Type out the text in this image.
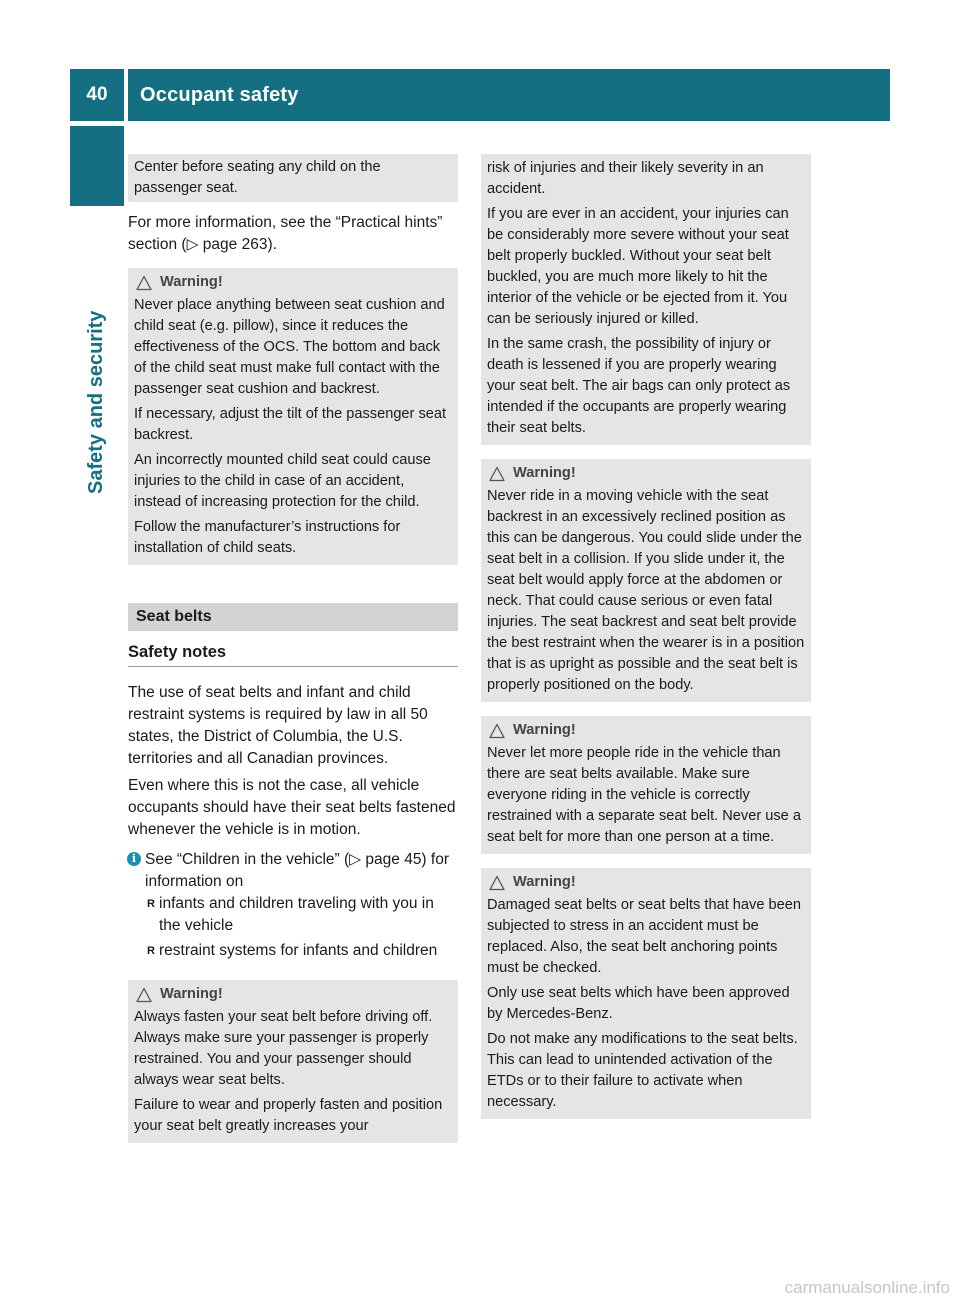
40	Occupant safety
Safety and security

Center before seating any child on the passenger seat.

For more information, see the “Practical hints” section (▷ page 263).

Warning!

Never place anything between seat cushion and child seat (e.g. pillow), since it reduces the effectiveness of the OCS. The bottom and back of the child seat must make full contact with the passenger seat cushion and backrest.

If necessary, adjust the tilt of the passenger seat backrest.

An incorrectly mounted child seat could cause injuries to the child in case of an accident, instead of increasing protection for the child.

Follow the manufacturer’s instructions for installation of child seats.

Seat belts
Safety notes

The use of seat belts and infant and child restraint systems is required by law in all 50 states, the District of Columbia, the U.S. territories and all Canadian provinces.

Even where this is not the case, all vehicle occupants should have their seat belts fastened whenever the vehicle is in motion.

i See “Children in the vehicle” (▷ page 45) for information on

R infants and children traveling with you in the vehicle

R restraint systems for infants and children

Warning!

Always fasten your seat belt before driving off. Always make sure your passenger is properly restrained. You and your passenger should always wear seat belts.

Failure to wear and properly fasten and position your seat belt greatly increases your

risk of injuries and their likely severity in an accident.

If you are ever in an accident, your injuries can be considerably more severe without your seat belt properly buckled. Without your seat belt buckled, you are much more likely to hit the interior of the vehicle or be ejected from it. You can be seriously injured or killed.

In the same crash, the possibility of injury or death is lessened if you are properly wearing your seat belt. The air bags can only protect as intended if the occupants are properly wearing their seat belts.

Warning!

Never ride in a moving vehicle with the seat backrest in an excessively reclined position as this can be dangerous. You could slide under the seat belt in a collision. If you slide under it, the seat belt would apply force at the abdomen or neck. That could cause serious or even fatal injuries. The seat backrest and seat belt provide the best restraint when the wearer is in a position that is as upright as possible and the seat belt is properly positioned on the body.

Warning!

Never let more people ride in the vehicle than there are seat belts available. Make sure everyone riding in the vehicle is correctly restrained with a separate seat belt. Never use a seat belt for more than one person at a time.

Warning!

Damaged seat belts or seat belts that have been subjected to stress in an accident must be replaced. Also, the seat belt anchoring points must be checked.

Only use seat belts which have been approved by Mercedes-Benz.

Do not make any modifications to the seat belts. This can lead to unintended activation of the ETDs or to their failure to activate when necessary.

carmanualsonline.info
